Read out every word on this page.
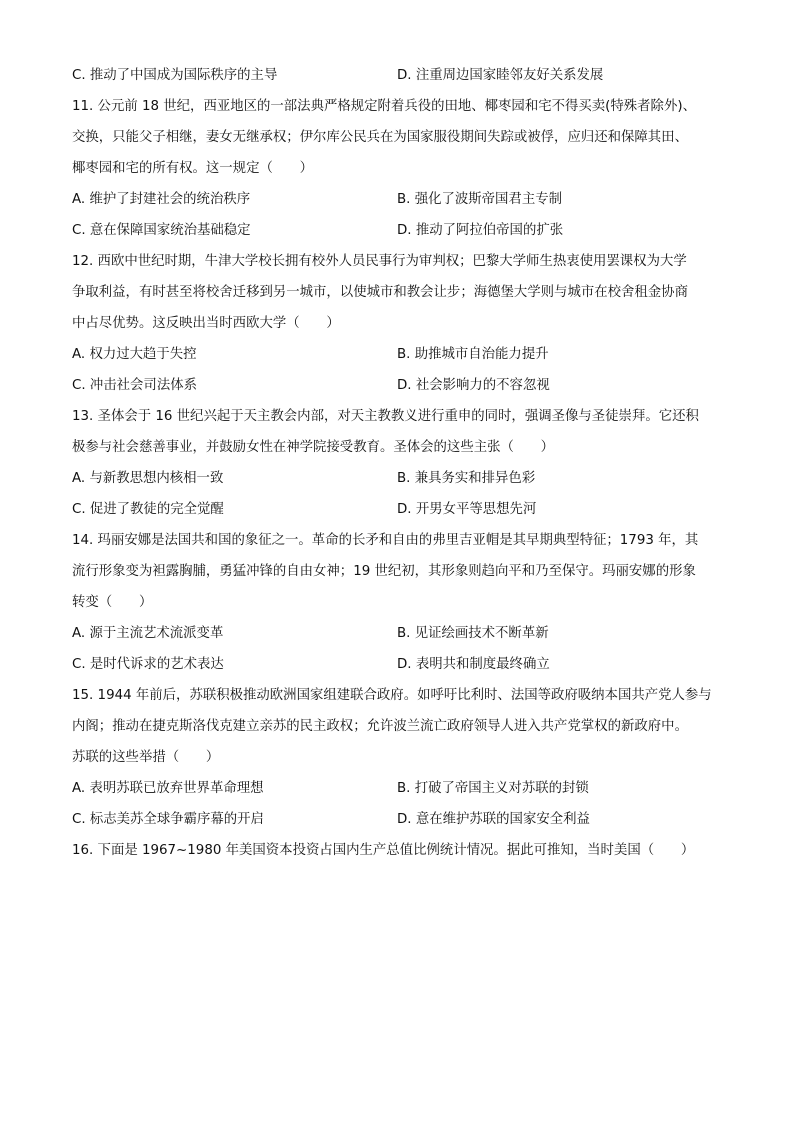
C. 推动了中国成为国际秩序的主导	D. 注重周边国家睦邻友好关系发展
11. 公元前 18 世纪，西亚地区的一部法典严格规定附着兵役的田地、椰枣园和宅不得买卖(特殊者除外)、
交换，只能父子相继，妻女无继承权；伊尔库公民兵在为国家服役期间失踪或被俘，应归还和保障其田、
椰枣园和宅的所有权。这一规定（　　）
A. 维护了封建社会的统治秩序	B. 强化了波斯帝国君主专制
C. 意在保障国家统治基础稳定	D. 推动了阿拉伯帝国的扩张
12. 西欧中世纪时期，牛津大学校长拥有校外人员民事行为审判权；巴黎大学师生热衷使用罢课权为大学
争取利益，有时甚至将校舍迁移到另一城市，以使城市和教会让步；海德堡大学则与城市在校舍租金协商
中占尽优势。这反映出当时西欧大学（　　）
A. 权力过大趋于失控	B. 助推城市自治能力提升
C. 冲击社会司法体系	D. 社会影响力的不容忽视
13. 圣体会于 16 世纪兴起于天主教会内部，对天主教教义进行重申的同时，强调圣像与圣徒崇拜。它还积
极参与社会慈善事业，并鼓励女性在神学院接受教育。圣体会的这些主张（　　）
A. 与新教思想内核相一致	B. 兼具务实和排异色彩
C. 促进了教徒的完全觉醒	D. 开男女平等思想先河
14. 玛丽安娜是法国共和国的象征之一。革命的长矛和自由的弗里吉亚帽是其早期典型特征；1793 年，其
流行形象变为袒露胸脯，勇猛冲锋的自由女神；19 世纪初，其形象则趋向平和乃至保守。玛丽安娜的形象
转变（　　）
A. 源于主流艺术流派变革	B. 见证绘画技术不断革新
C. 是时代诉求的艺术表达	D. 表明共和制度最终确立
15. 1944 年前后，苏联积极推动欧洲国家组建联合政府。如呼吁比利时、法国等政府吸纳本国共产党人参与
内阁；推动在捷克斯洛伐克建立亲苏的民主政权；允许波兰流亡政府领导人进入共产党掌权的新政府中。
苏联的这些举措（　　）
A. 表明苏联已放弃世界革命理想	B. 打破了帝国主义对苏联的封锁
C. 标志美苏全球争霸序幕的开启	D. 意在维护苏联的国家安全利益
16. 下面是 1967~1980 年美国资本投资占国内生产总值比例统计情况。据此可推知，当时美国（　　）
